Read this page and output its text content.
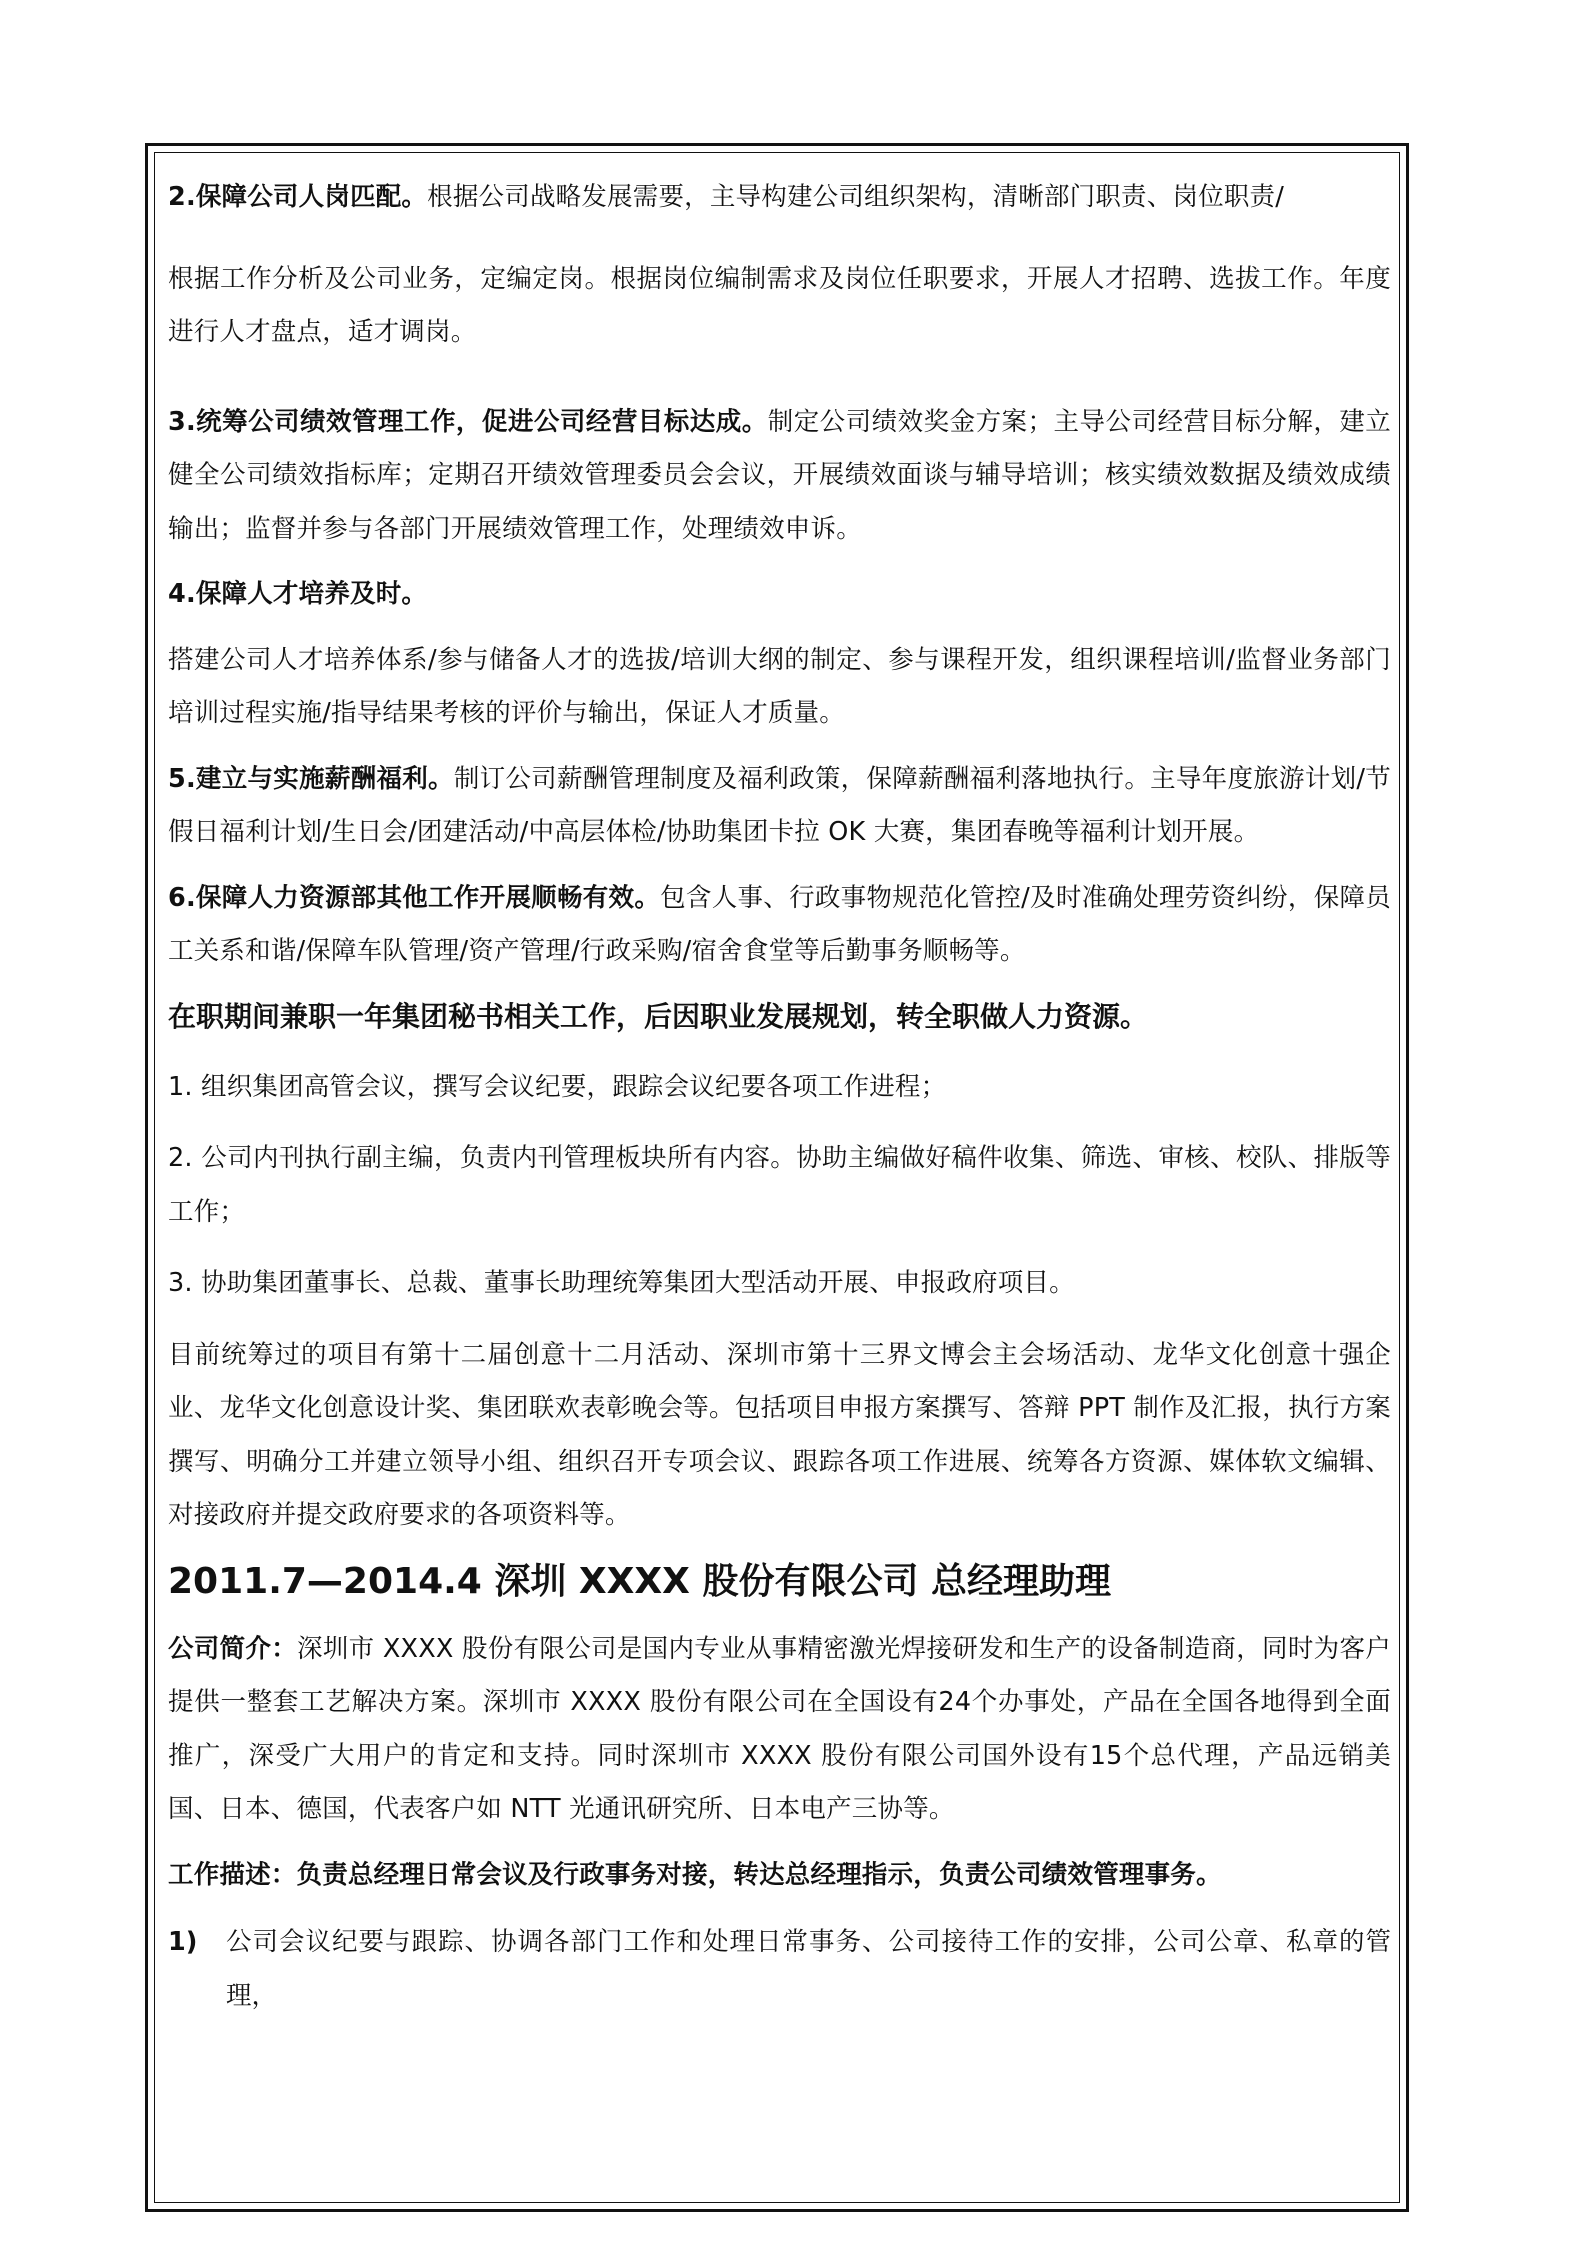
2.保障公司人岗匹配。根据公司战略发展需要，主导构建公司组织架构，清晰部门职责、岗位职责/

根据工作分析及公司业务，定编定岗。根据岗位编制需求及岗位任职要求，开展人才招聘、选拔工作。年度进行人才盘点，适才调岗。

3.统筹公司绩效管理工作，促进公司经营目标达成。制定公司绩效奖金方案；主导公司经营目标分解，建立健全公司绩效指标库；定期召开绩效管理委员会会议，开展绩效面谈与辅导培训；核实绩效数据及绩效成绩输出；监督并参与各部门开展绩效管理工作，处理绩效申诉。

4.保障人才培养及时。

搭建公司人才培养体系/参与储备人才的选拔/培训大纲的制定、参与课程开发，组织课程培训/监督业务部门培训过程实施/指导结果考核的评价与输出，保证人才质量。

5.建立与实施薪酬福利。制订公司薪酬管理制度及福利政策，保障薪酬福利落地执行。主导年度旅游计划/节假日福利计划/生日会/团建活动/中高层体检/协助集团卡拉 OK 大赛，集团春晚等福利计划开展。

6.保障人力资源部其他工作开展顺畅有效。包含人事、行政事物规范化管控/及时准确处理劳资纠纷，保障员工关系和谐/保障车队管理/资产管理/行政采购/宿舍食堂等后勤事务顺畅等。

在职期间兼职一年集团秘书相关工作，后因职业发展规划，转全职做人力资源。

1. 组织集团高管会议，撰写会议纪要，跟踪会议纪要各项工作进程；

2. 公司内刊执行副主编，负责内刊管理板块所有内容。协助主编做好稿件收集、筛选、审核、校队、排版等工作；

3. 协助集团董事长、总裁、董事长助理统筹集团大型活动开展、申报政府项目。

目前统筹过的项目有第十二届创意十二月活动、深圳市第十三界文博会主会场活动、龙华文化创意十强企业、龙华文化创意设计奖、集团联欢表彰晚会等。包括项目申报方案撰写、答辩 PPT 制作及汇报，执行方案撰写、明确分工并建立领导小组、组织召开专项会议、跟踪各项工作进展、统筹各方资源、媒体软文编辑、对接政府并提交政府要求的各项资料等。

2011.7—2014.4 深圳 XXXX 股份有限公司 总经理助理

公司简介：深圳市 XXXX 股份有限公司是国内专业从事精密激光焊接研发和生产的设备制造商，同时为客户提供一整套工艺解决方案。深圳市 XXXX 股份有限公司在全国设有24个办事处，产品在全国各地得到全面推广，深受广大用户的肯定和支持。同时深圳市 XXXX 股份有限公司国外设有15个总代理，产品远销美国、日本、德国，代表客户如 NTT 光通讯研究所、日本电产三协等。

工作描述：负责总经理日常会议及行政事务对接，转达总经理指示，负责公司绩效管理事务。

1)	公司会议纪要与跟踪、协调各部门工作和处理日常事务、公司接待工作的安排，公司公章、私章的管理，
